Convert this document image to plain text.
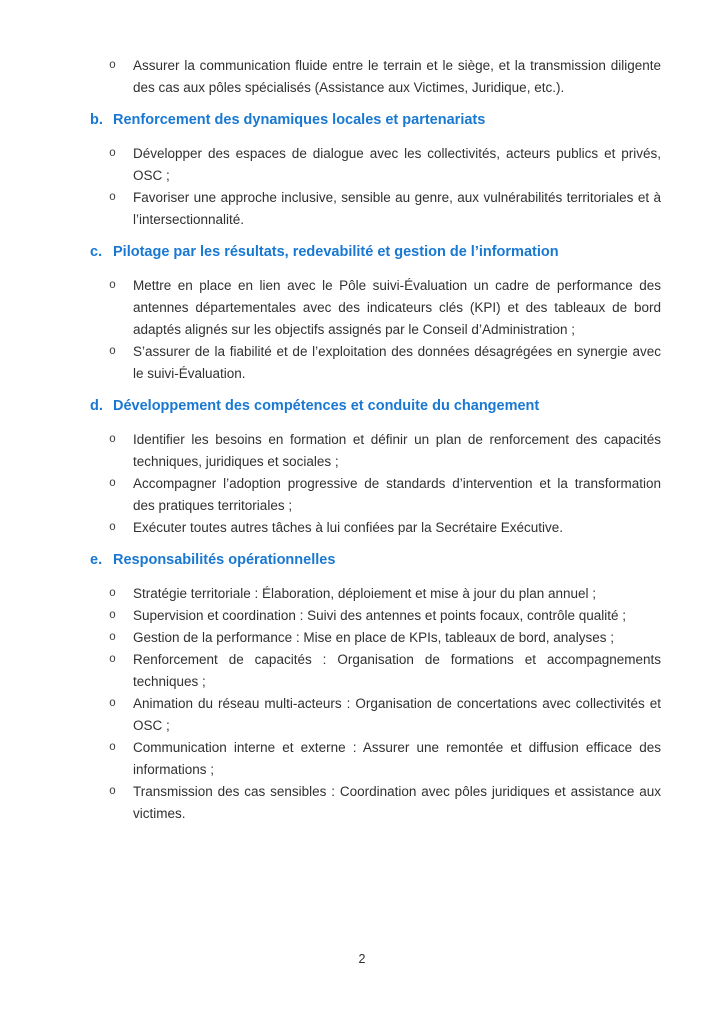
o Assurer la communication fluide entre le terrain et le siège, et la transmission diligente des cas aux pôles spécialisés (Assistance aux Victimes, Juridique, etc.).
b. Renforcement des dynamiques locales et partenariats
o Développer des espaces de dialogue avec les collectivités, acteurs publics et privés, OSC ;
o Favoriser une approche inclusive, sensible au genre, aux vulnérabilités territoriales et à l’intersectionnalité.
c. Pilotage par les résultats, redevabilité et gestion de l’information
o Mettre en place en lien avec le Pôle suivi-Évaluation un cadre de performance des antennes départementales avec des indicateurs clés (KPI) et des tableaux de bord adaptés alignés sur les objectifs assignés par le Conseil d’Administration ;
o S’assurer de la fiabilité et de l’exploitation des données désagrégées en synergie avec le suivi-Évaluation.
d. Développement des compétences et conduite du changement
o Identifier les besoins en formation et définir un plan de renforcement des capacités techniques, juridiques et sociales ;
o Accompagner l’adoption progressive de standards d’intervention et la transformation des pratiques territoriales ;
o Exécuter toutes autres tâches à lui confiées par la Secrétaire Exécutive.
e. Responsabilités opérationnelles
o Stratégie territoriale : Élaboration, déploiement et mise à jour du plan annuel ;
o Supervision et coordination : Suivi des antennes et points focaux, contrôle qualité ;
o Gestion de la performance : Mise en place de KPIs, tableaux de bord, analyses ;
o Renforcement de capacités : Organisation de formations et accompagnements techniques ;
o Animation du réseau multi-acteurs : Organisation de concertations avec collectivités et OSC ;
o Communication interne et externe : Assurer une remontée et diffusion efficace des informations ;
o Transmission des cas sensibles : Coordination avec pôles juridiques et assistance aux victimes.
2
